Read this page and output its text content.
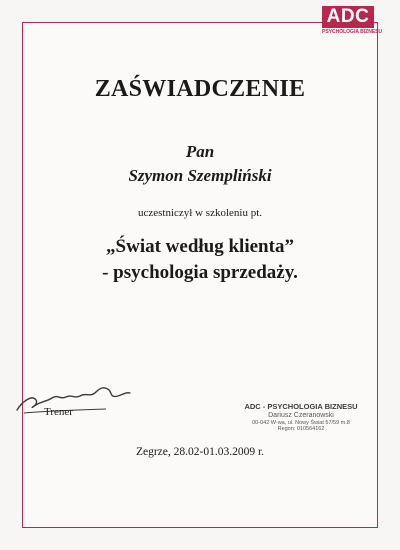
ADC
PSYCHOLOGIA BIZNESU
ZAŚWIADCZENIE
Pan
Szymon Szempliński
uczestniczył w szkoleniu pt.
„Świat według klienta”
- psychologia sprzedaży.
Trener	ADC - PSYCHOLOGIA BIZNESU
Dariusz Czeranowski
00-042 W-wa, ul. Nowy Świat 57/59 m.8
Regon: 010564162
Zegrze, 28.02-01.03.2009 r.
